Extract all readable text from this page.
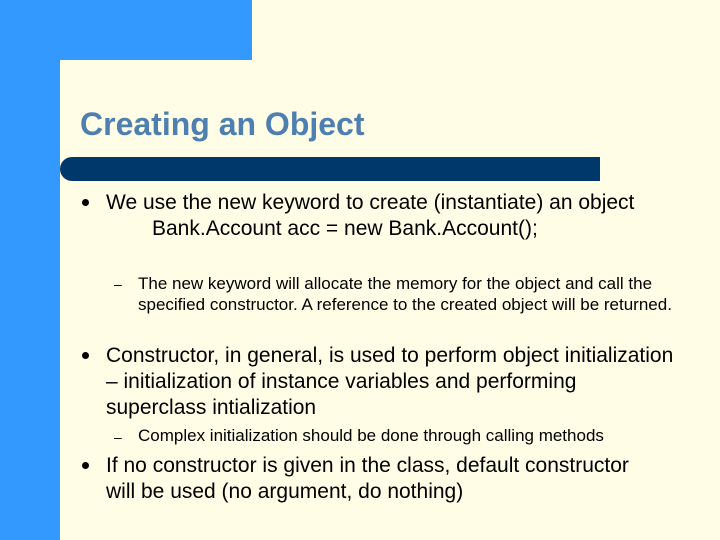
Creating an Object
We use the new keyword to create (instantiate) an object
Bank.Account acc = new Bank.Account();
– The new keyword will allocate the memory for the object and call the specified constructor. A reference to the created object will be returned.
Constructor, in general, is used to perform object initialization – initialization of instance variables and performing superclass intialization
– Complex initialization should be done through calling methods
If no constructor is given in the class, default constructor will be used (no argument, do nothing)
